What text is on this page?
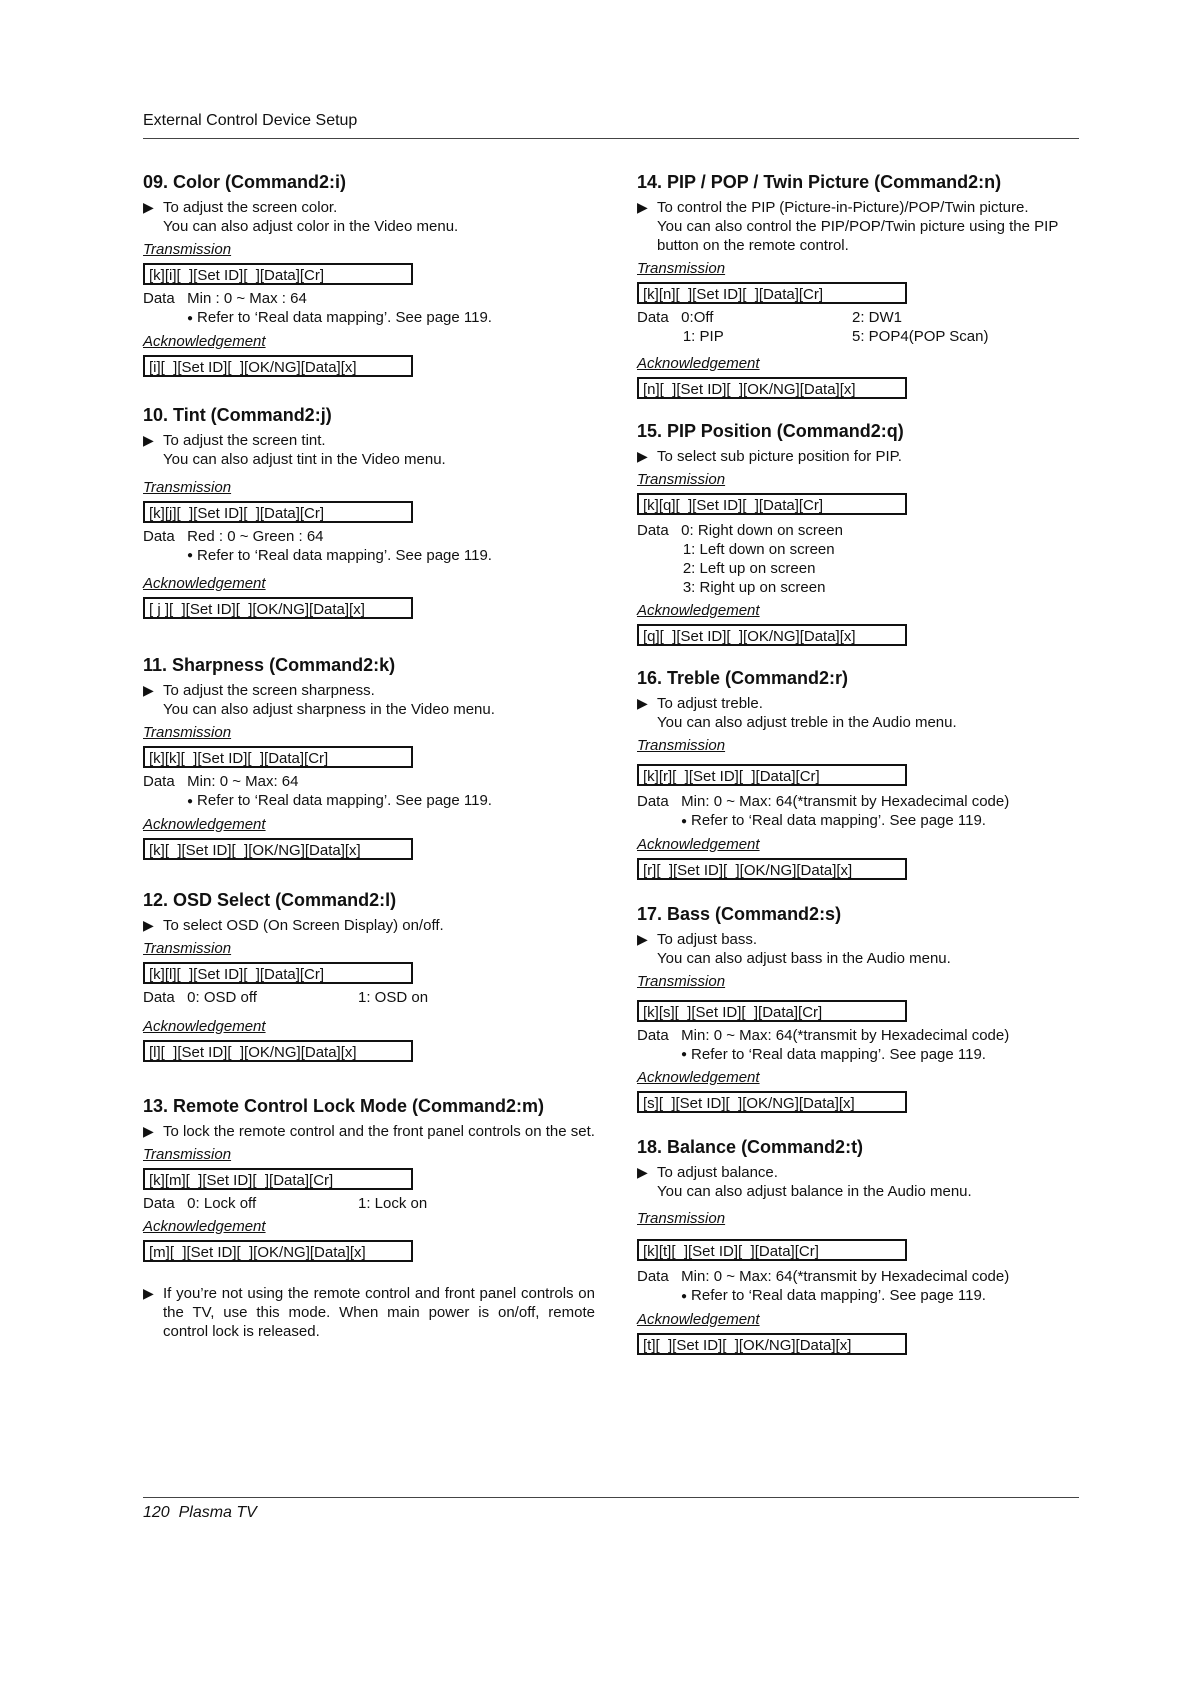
External Control Device Setup
09. Color (Command2:i)
▶ To adjust the screen color.
You can also adjust color in the Video menu.
Transmission
[k][i][  ][Set ID][  ][Data][Cr]
Data   Min : 0 ~ Max : 64
● Refer to ‘Real data mapping’. See page 119.
Acknowledgement
[i][  ][Set ID][  ][OK/NG][Data][x]
10. Tint (Command2:j)
▶ To adjust the screen tint.
You can also adjust tint in the Video menu.
Transmission
[k][j][  ][Set ID][  ][Data][Cr]
Data   Red : 0 ~ Green : 64
● Refer to ‘Real data mapping’. See page 119.
Acknowledgement
[ j ][  ][Set ID][  ][OK/NG][Data][x]
11. Sharpness (Command2:k)
▶ To adjust the screen sharpness.
You can also adjust sharpness in the Video menu.
Transmission
[k][k][  ][Set ID][  ][Data][Cr]
Data   Min: 0 ~ Max: 64
● Refer to ‘Real data mapping’. See page 119.
Acknowledgement
[k][  ][Set ID][  ][OK/NG][Data][x]
12. OSD Select (Command2:l)
▶ To select OSD (On Screen Display) on/off.
Transmission
[k][l][  ][Set ID][  ][Data][Cr]
Data   0: OSD off	1: OSD on
Acknowledgement
[l][  ][Set ID][  ][OK/NG][Data][x]
13. Remote Control Lock Mode (Command2:m)
▶ To lock the remote control and the front panel controls on the set.
Transmission
[k][m][  ][Set ID][  ][Data][Cr]
Data   0: Lock off	1: Lock on
Acknowledgement
[m][  ][Set ID][  ][OK/NG][Data][x]
▶ If you’re not using the remote control and front panel controls on the TV, use this mode. When main power is on/off, remote control lock is released.
14. PIP / POP / Twin Picture (Command2:n)
▶ To control the PIP (Picture-in-Picture)/POP/Twin picture.
You can also control the PIP/POP/Twin picture using the PIP button on the remote control.
Transmission
[k][n][  ][Set ID][  ][Data][Cr]
Data   0:Off	2: DW1
1: PIP	5: POP4(POP Scan)
Acknowledgement
[n][  ][Set ID][  ][OK/NG][Data][x]
15. PIP Position (Command2:q)
▶ To select sub picture position for PIP.
Transmission
[k][q][  ][Set ID][  ][Data][Cr]
Data   0: Right down on screen
1: Left down on screen
2: Left up on screen
3: Right up on screen
Acknowledgement
[q][  ][Set ID][  ][OK/NG][Data][x]
16. Treble (Command2:r)
▶ To adjust treble.
You can also adjust treble in the Audio menu.
Transmission
[k][r][  ][Set ID][  ][Data][Cr]
Data   Min: 0 ~ Max: 64(*transmit by Hexadecimal code)
● Refer to ‘Real data mapping’. See page 119.
Acknowledgement
[r][  ][Set ID][  ][OK/NG][Data][x]
17. Bass (Command2:s)
▶ To adjust bass.
You can also adjust bass in the Audio menu.
Transmission
[k][s][  ][Set ID][  ][Data][Cr]
Data   Min: 0 ~ Max: 64(*transmit by Hexadecimal code)
● Refer to ‘Real data mapping’. See page 119.
Acknowledgement
[s][  ][Set ID][  ][OK/NG][Data][x]
18. Balance (Command2:t)
▶ To adjust balance.
You can also adjust balance in the Audio menu.
Transmission
[k][t][  ][Set ID][  ][Data][Cr]
Data   Min: 0 ~ Max: 64(*transmit by Hexadecimal code)
● Refer to ‘Real data mapping’. See page 119.
Acknowledgement
[t][  ][Set ID][  ][OK/NG][Data][x]
120  Plasma TV
